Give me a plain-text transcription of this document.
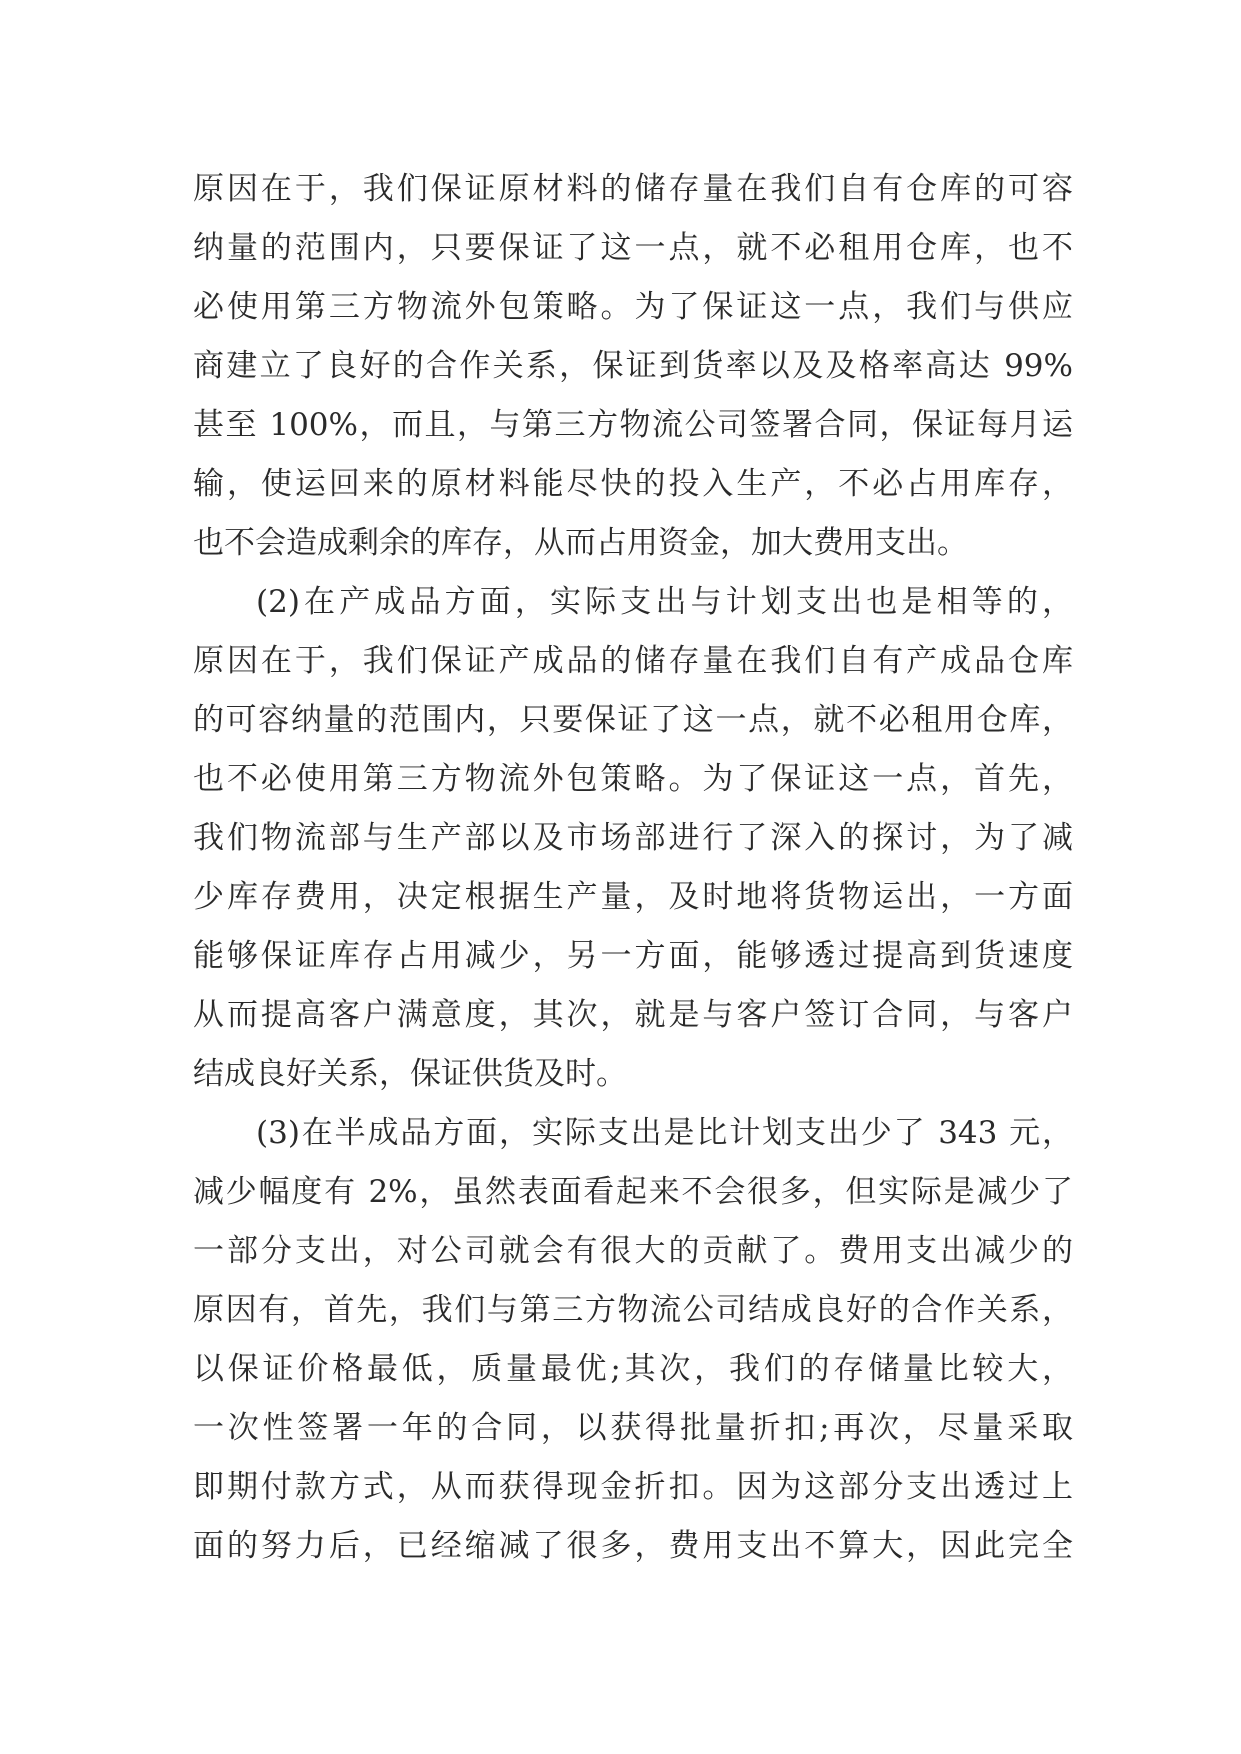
原因在于，我们保证原材料的储存量在我们自有仓库的可容
纳量的范围内，只要保证了这一点，就不必租用仓库，也不
必使用第三方物流外包策略。为了保证这一点，我们与供应
商建立了良好的合作关系，保证到货率以及及格率高达 99%
甚至 100%，而且，与第三方物流公司签署合同，保证每月运
输，使运回来的原材料能尽快的投入生产，不必占用库存，
也不会造成剩余的库存，从而占用资金，加大费用支出。
(2)在产成品方面，实际支出与计划支出也是相等的，
原因在于，我们保证产成品的储存量在我们自有产成品仓库
的可容纳量的范围内，只要保证了这一点，就不必租用仓库，
也不必使用第三方物流外包策略。为了保证这一点，首先，
我们物流部与生产部以及市场部进行了深入的探讨，为了减
少库存费用，决定根据生产量，及时地将货物运出，一方面
能够保证库存占用减少，另一方面，能够透过提高到货速度
从而提高客户满意度，其次，就是与客户签订合同，与客户
结成良好关系，保证供货及时。
(3)在半成品方面，实际支出是比计划支出少了 343 元，
减少幅度有 2%，虽然表面看起来不会很多，但实际是减少了
一部分支出，对公司就会有很大的贡献了。费用支出减少的
原因有，首先，我们与第三方物流公司结成良好的合作关系，
以保证价格最低，质量最优;其次，我们的存储量比较大，
一次性签署一年的合同，以获得批量折扣;再次，尽量采取
即期付款方式，从而获得现金折扣。因为这部分支出透过上
面的努力后，已经缩减了很多，费用支出不算大，因此完全
